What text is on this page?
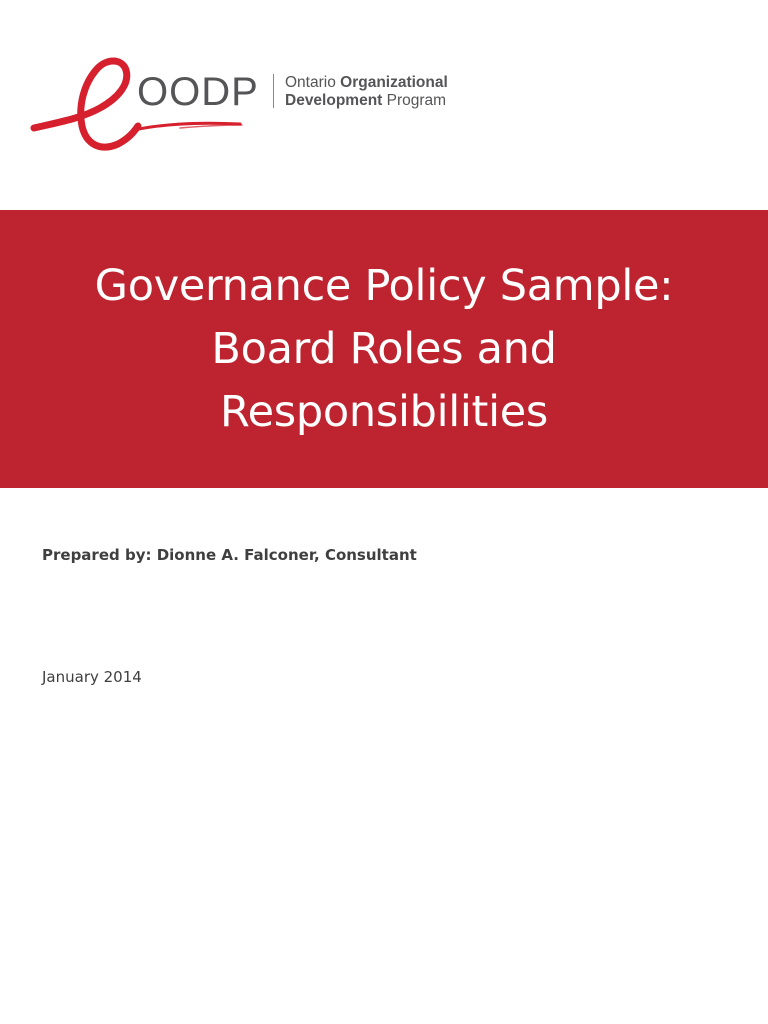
OODP Ontario Organizational
Development Program
Governance Policy Sample: Board Roles and Responsibilities
Prepared by: Dionne A. Falconer, Consultant
January 2014
